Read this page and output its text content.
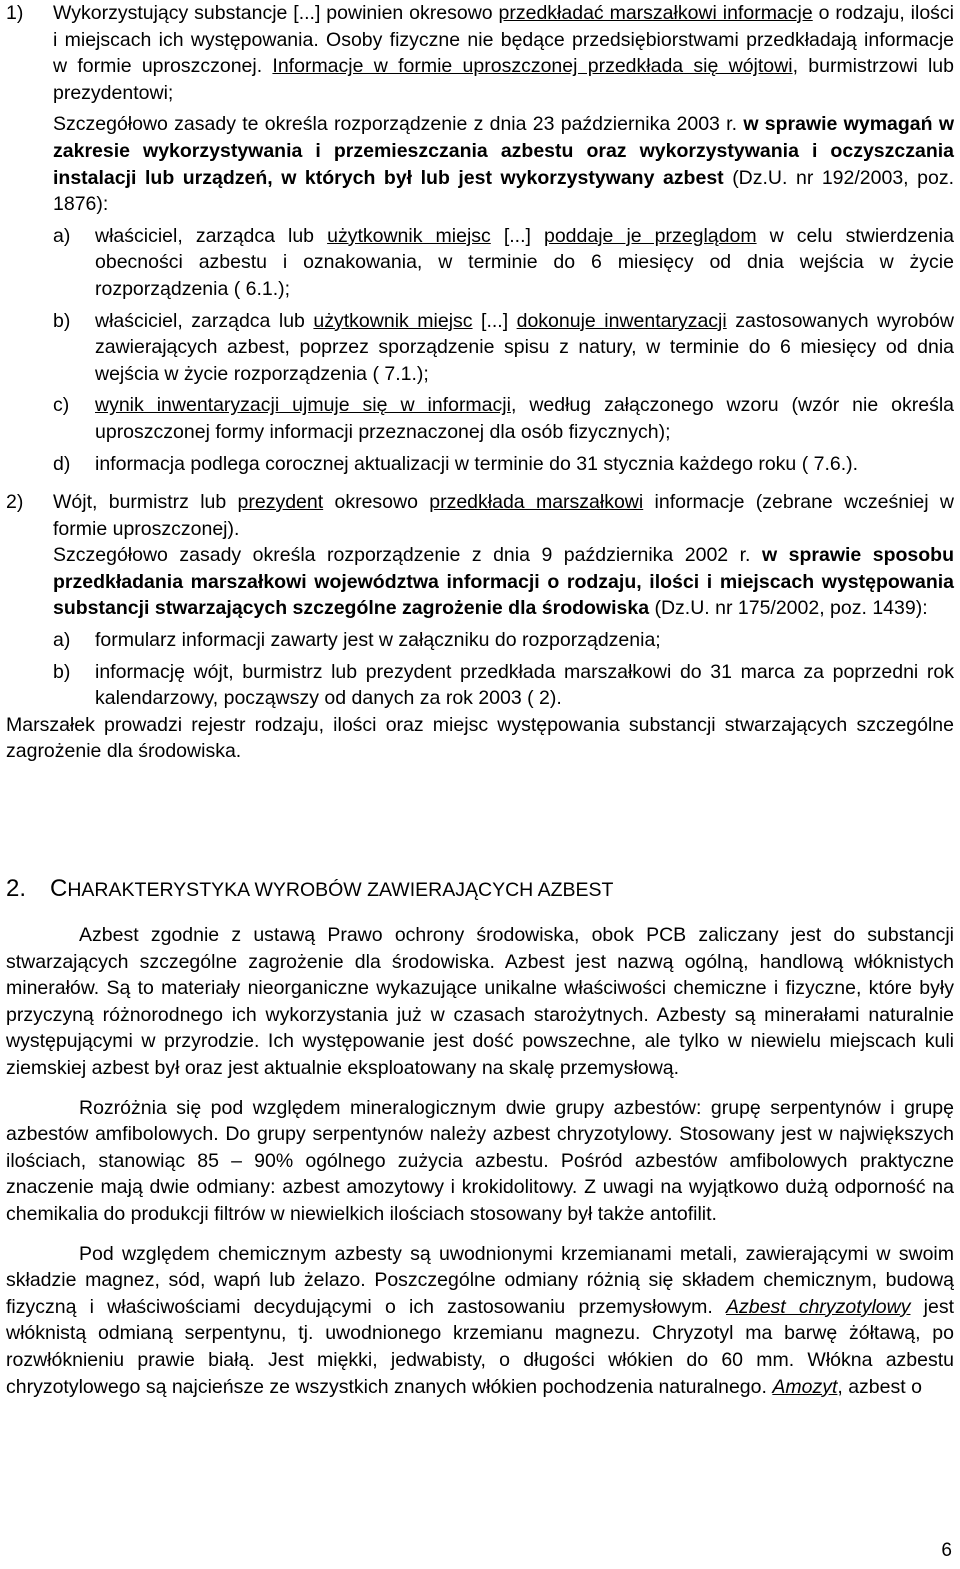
1) Wykorzystujący substancje [...] powinien okresowo przedkładać marszałkowi informacje o rodzaju, ilości i miejscach ich występowania. Osoby fizyczne nie będące przedsiębiorstwami przedkładają informacje w formie uproszczonej. Informacje w formie uproszczonej przedkłada się wójtowi, burmistrzowi lub prezydentowi;

Szczegółowo zasady te określa rozporządzenie z dnia 23 października 2003 r. w sprawie wymagań w zakresie wykorzystywania i przemieszczania azbestu oraz wykorzystywania i oczyszczania instalacji lub urządzeń, w których był lub jest wykorzystywany azbest (Dz.U. nr 192/2003, poz. 1876):

a) właściciel, zarządca lub użytkownik miejsc [...] poddaje je przeglądom w celu stwierdzenia obecności azbestu i oznakowania, w terminie do 6 miesięcy od dnia wejścia w życie rozporządzenia ( 6.1.);

b) właściciel, zarządca lub użytkownik miejsc [...] dokonuje inwentaryzacji zastosowanych wyrobów zawierających azbest, poprzez sporządzenie spisu z natury, w terminie do 6 miesięcy od dnia wejścia w życie rozporządzenia ( 7.1.);

c) wynik inwentaryzacji ujmuje się w informacji, według załączonego wzoru (wzór nie określa uproszczonej formy informacji przeznaczonej dla osób fizycznych);

d) informacja podlega corocznej aktualizacji w terminie do 31 stycznia każdego roku ( 7.6.).

2) Wójt, burmistrz lub prezydent okresowo przedkłada marszałkowi informacje (zebrane wcześniej w formie uproszczonej).

Szczegółowo zasady określa rozporządzenie z dnia 9 października 2002 r. w sprawie sposobu przedkładania marszałkowi województwa informacji o rodzaju, ilości i miejscach występowania substancji stwarzających szczególne zagrożenie dla środowiska (Dz.U. nr 175/2002, poz. 1439):

a) formularz informacji zawarty jest w załączniku do rozporządzenia;

b) informację wójt, burmistrz lub prezydent przedkłada marszałkowi do 31 marca za poprzedni rok kalendarzowy, począwszy od danych za rok 2003 ( 2).

Marszałek prowadzi rejestr rodzaju, ilości oraz miejsc występowania substancji stwarzających szczególne zagrożenie dla środowiska.

2. CHARAKTERYSTYKA WYROBÓW ZAWIERAJĄCYCH AZBEST

Azbest zgodnie z ustawą Prawo ochrony środowiska, obok PCB zaliczany jest do substancji stwarzających szczególne zagrożenie dla środowiska. Azbest jest nazwą ogólną, handlową włóknistych minerałów. Są to materiały nieorganiczne wykazujące unikalne właściwości chemiczne i fizyczne, które były przyczyną różnorodnego ich wykorzystania już w czasach starożytnych. Azbesty są minerałami naturalnie występującymi w przyrodzie. Ich występowanie jest dość powszechne, ale tylko w niewielu miejscach kuli ziemskiej azbest był oraz jest aktualnie eksploatowany na skalę przemysłową.

Rozróżnia się pod względem mineralogicznym dwie grupy azbestów: grupę serpentynów i grupę azbestów amfibolowych. Do grupy serpentynów należy azbest chryzotylowy. Stosowany jest w największych ilościach, stanowiąc 85 – 90% ogólnego zużycia azbestu. Pośród azbestów amfibolowych praktyczne znaczenie mają dwie odmiany: azbest amozytowy i krokidolitowy. Z uwagi na wyjątkowo dużą odporność na chemikalia do produkcji filtrów w niewielkich ilościach stosowany był także antofilit.

Pod względem chemicznym azbesty są uwodnionymi krzemianami metali, zawierającymi w swoim składzie magnez, sód, wapń lub żelazo. Poszczególne odmiany różnią się składem chemicznym, budową fizyczną i właściwościami decydującymi o ich zastosowaniu przemysłowym. Azbest chryzotylowy jest włóknistą odmianą serpentynu, tj. uwodnionego krzemianu magnezu. Chryzotyl ma barwę żółtawą, po rozwłóknieniu prawie białą. Jest miękki, jedwabisty, o długości włókien do 60 mm. Włókna azbestu chryzotylowego są najcieńsze ze wszystkich znanych włókien pochodzenia naturalnego. Amozyt, azbest o

6
